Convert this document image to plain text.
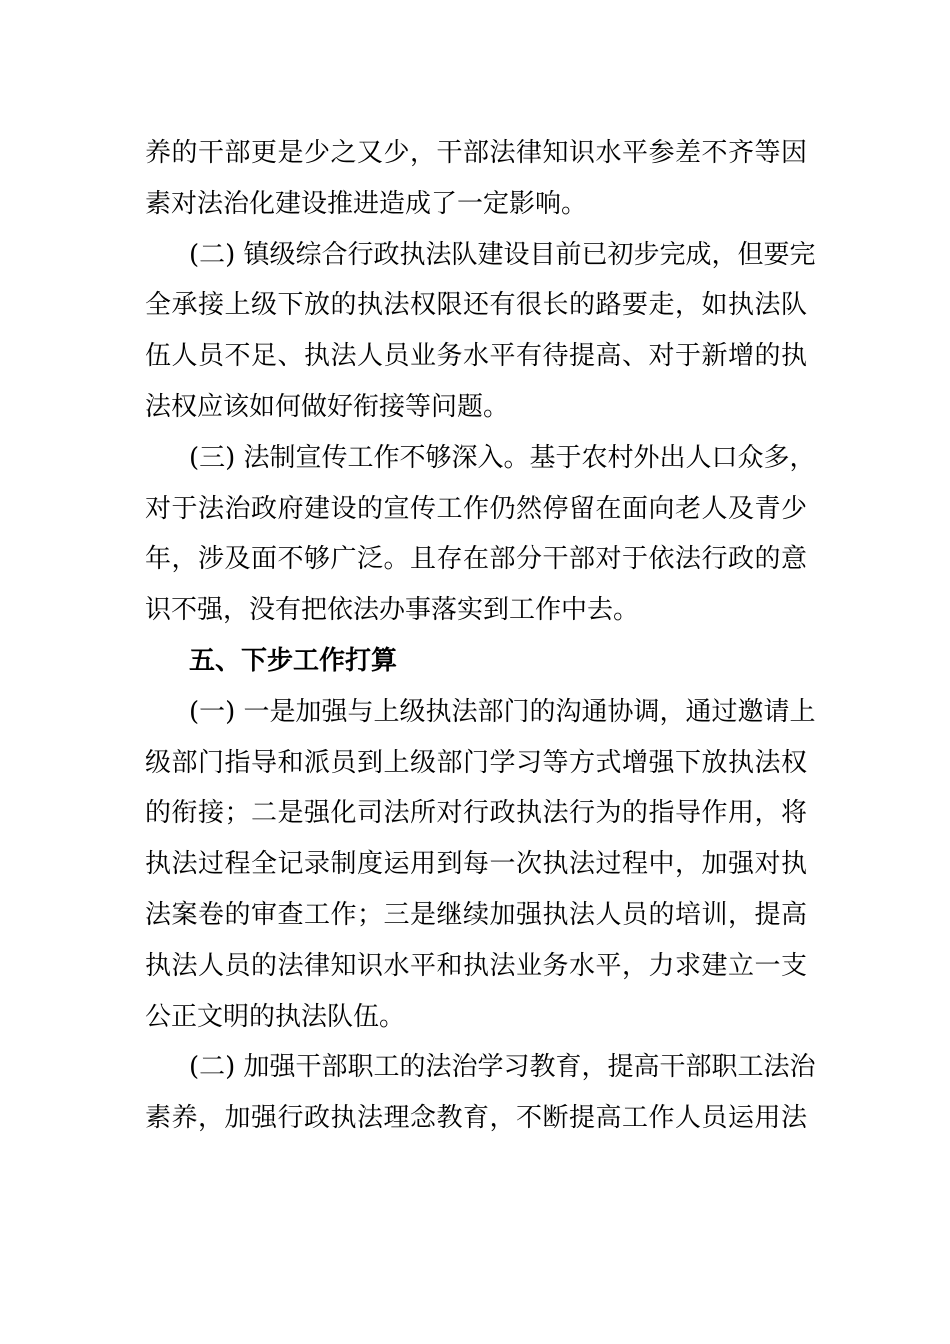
养的干部更是少之又少，干部法律知识水平参差不齐等因
素对法治化建设推进造成了一定影响。
(二) 镇级综合行政执法队建设目前已初步完成，但要完
全承接上级下放的执法权限还有很长的路要走，如执法队
伍人员不足、执法人员业务水平有待提高、对于新增的执
法权应该如何做好衔接等问题。
(三) 法制宣传工作不够深入。基于农村外出人口众多，
对于法治政府建设的宣传工作仍然停留在面向老人及青少
年，涉及面不够广泛。且存在部分干部对于依法行政的意
识不强，没有把依法办事落实到工作中去。
五、下步工作打算
(一) 一是加强与上级执法部门的沟通协调，通过邀请上
级部门指导和派员到上级部门学习等方式增强下放执法权
的衔接；二是强化司法所对行政执法行为的指导作用，将
执法过程全记录制度运用到每一次执法过程中，加强对执
法案卷的审查工作；三是继续加强执法人员的培训，提高
执法人员的法律知识水平和执法业务水平，力求建立一支
公正文明的执法队伍。
(二) 加强干部职工的法治学习教育，提高干部职工法治
素养，加强行政执法理念教育，不断提高工作人员运用法
